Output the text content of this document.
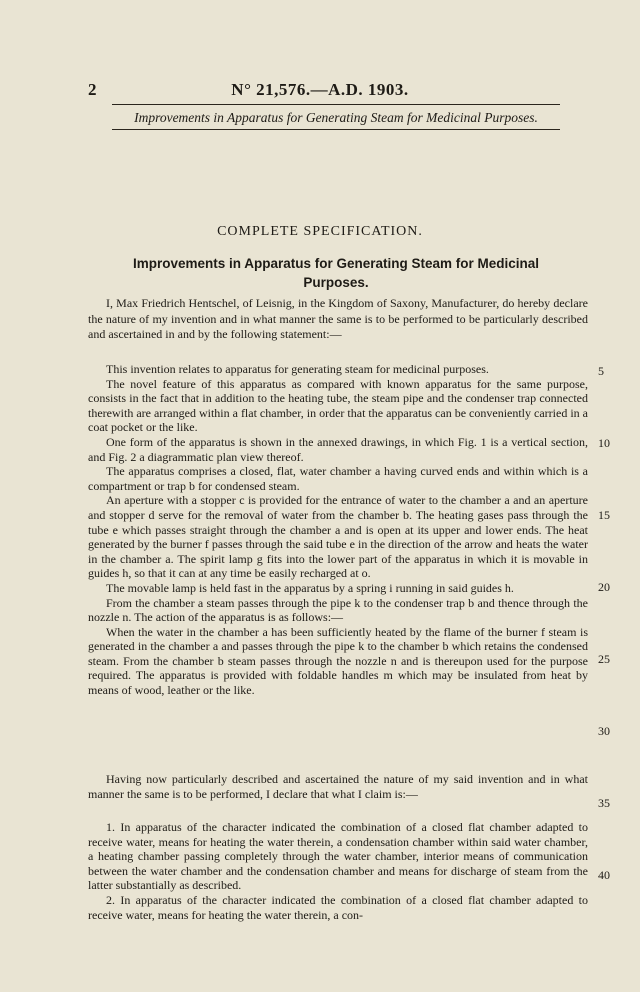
2	N° 21,576.—A.D. 1903.
Improvements in Apparatus for Generating Steam for Medicinal Purposes.
COMPLETE SPECIFICATION.
Improvements in Apparatus for Generating Steam for Medicinal Purposes.

I, Max Friedrich Hentschel, of Leisnig, in the Kingdom of Saxony, Manufacturer, do hereby declare the nature of my invention and in what manner the same is to be performed to be particularly described and ascertained in and by the following statement:—

This invention relates to apparatus for generating steam for medicinal purposes.

The novel feature of this apparatus as compared with known apparatus for the same purpose, consists in the fact that in addition to the heating tube, the steam pipe and the condenser trap connected therewith are arranged within a flat chamber, in order that the apparatus can be conveniently carried in a coat pocket or the like.

One form of the apparatus is shown in the annexed drawings, in which Fig. 1 is a vertical section, and Fig. 2 a diagrammatic plan view thereof.

The apparatus comprises a closed, flat, water chamber a having curved ends and within which is a compartment or trap b for condensed steam.

An aperture with a stopper c is provided for the entrance of water to the chamber a and an aperture and stopper d serve for the removal of water from the chamber b. The heating gases pass through the tube e which passes straight through the chamber a and is open at its upper and lower ends. The heat generated by the burner f passes through the said tube e in the direction of the arrow and heats the water in the chamber a. The spirit lamp g fits into the lower part of the apparatus in which it is movable in guides h, so that it can at any time be easily recharged at o.

The movable lamp is held fast in the apparatus by a spring i running in said guides h.

From the chamber a steam passes through the pipe k to the condenser trap b and thence through the nozzle n. The action of the apparatus is as follows:—

When the water in the chamber a has been sufficiently heated by the flame of the burner f steam is generated in the chamber a and passes through the pipe k to the chamber b which retains the condensed steam. From the chamber b steam passes through the nozzle n and is thereupon used for the purpose required. The apparatus is provided with foldable handles m which may be insulated from heat by means of wood, leather or the like.

Having now particularly described and ascertained the nature of my said invention and in what manner the same is to be performed, I declare that what I claim is:—

1. In apparatus of the character indicated the combination of a closed flat chamber adapted to receive water, means for heating the water therein, a condensation chamber within said water chamber, a heating chamber passing completely through the water chamber, interior means of communication between the water chamber and the condensation chamber and means for discharge of steam from the latter substantially as described.

2. In apparatus of the character indicated the combination of a closed flat chamber adapted to receive water, means for heating the water therein, a con-

5
10
15
20
25
30
35
40
